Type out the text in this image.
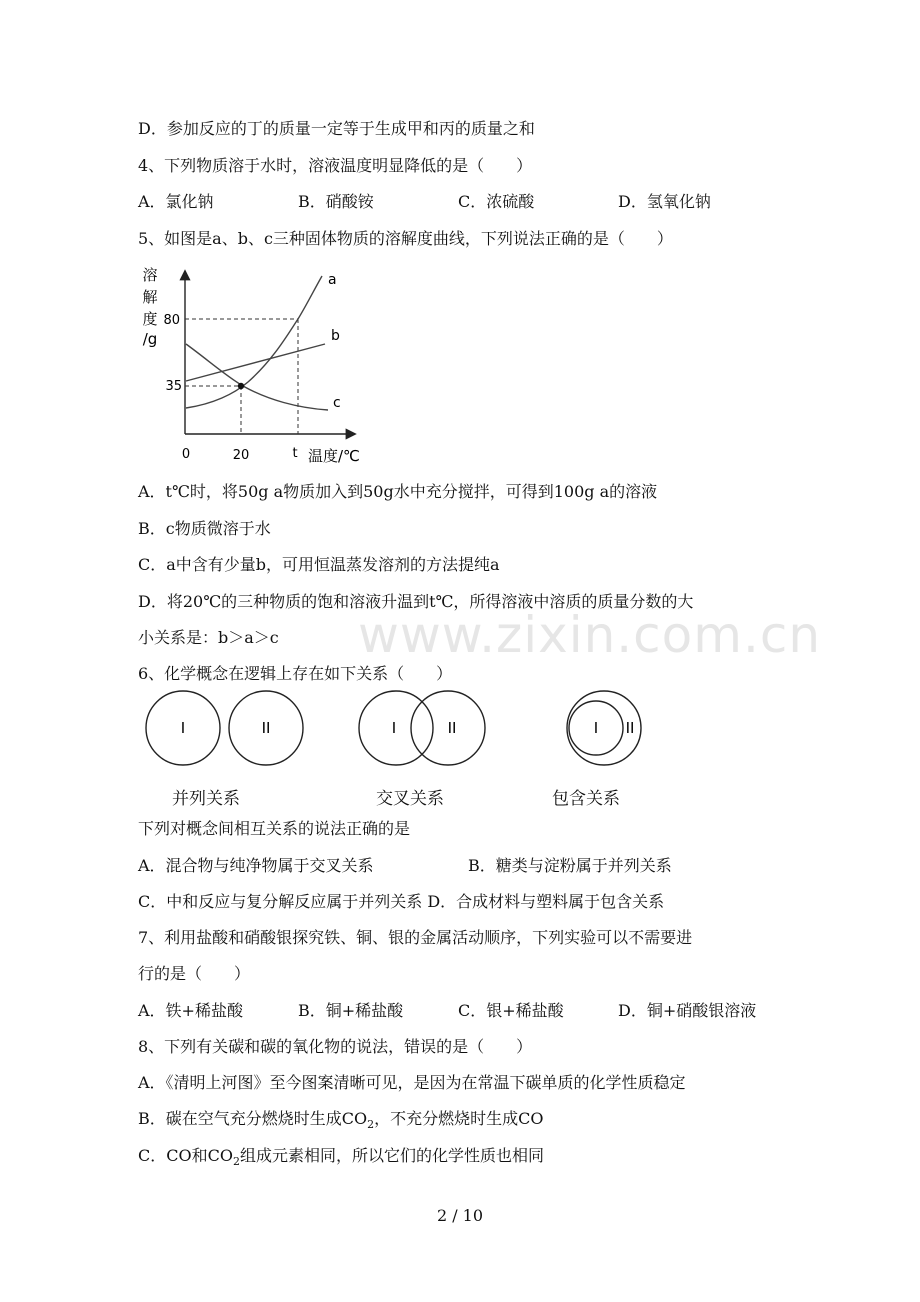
www.zixin.com.cn
D．参加反应的丁的质量一定等于生成甲和丙的质量之和
4、下列物质溶于水时，溶液温度明显降低的是（　　）
A．氯化钠	B．硝酸铵	C．浓硫酸	D．氢氧化钠
5、如图是a、b、c三种固体物质的溶解度曲线，下列说法正确的是（　　）
溶
解
度
/g
a
b
c
80
35
0	20	t 温度/℃
A．t℃时，将50g a物质加入到50g水中充分搅拌，可得到100g a的溶液
B．c物质微溶于水
C．a中含有少量b，可用恒温蒸发溶剂的方法提纯a
D．将20℃的三种物质的饱和溶液升温到t℃，所得溶液中溶质的质量分数的大
小关系是：b＞a＞c
6、化学概念在逻辑上存在如下关系（　　）
I	II	I	II	I II
并列关系	交叉关系	包含关系
下列对概念间相互关系的说法正确的是
A．混合物与纯净物属于交叉关系	B．糖类与淀粉属于并列关系
C．中和反应与复分解反应属于并列关系 D．合成材料与塑料属于包含关系
7、利用盐酸和硝酸银探究铁、铜、银的金属活动顺序，下列实验可以不需要进
行的是（　　）
A．铁+稀盐酸	B．铜+稀盐酸	C．银+稀盐酸	D．铜+硝酸银溶液
8、下列有关碳和碳的氧化物的说法，错误的是（　　）
A．《清明上河图》至今图案清晰可见，是因为在常温下碳单质的化学性质稳定
B．碳在空气充分燃烧时生成$CO_2$，不充分燃烧时生成CO
C．CO和$CO_2$组成元素相同，所以它们的化学性质也相同
2 / 10
